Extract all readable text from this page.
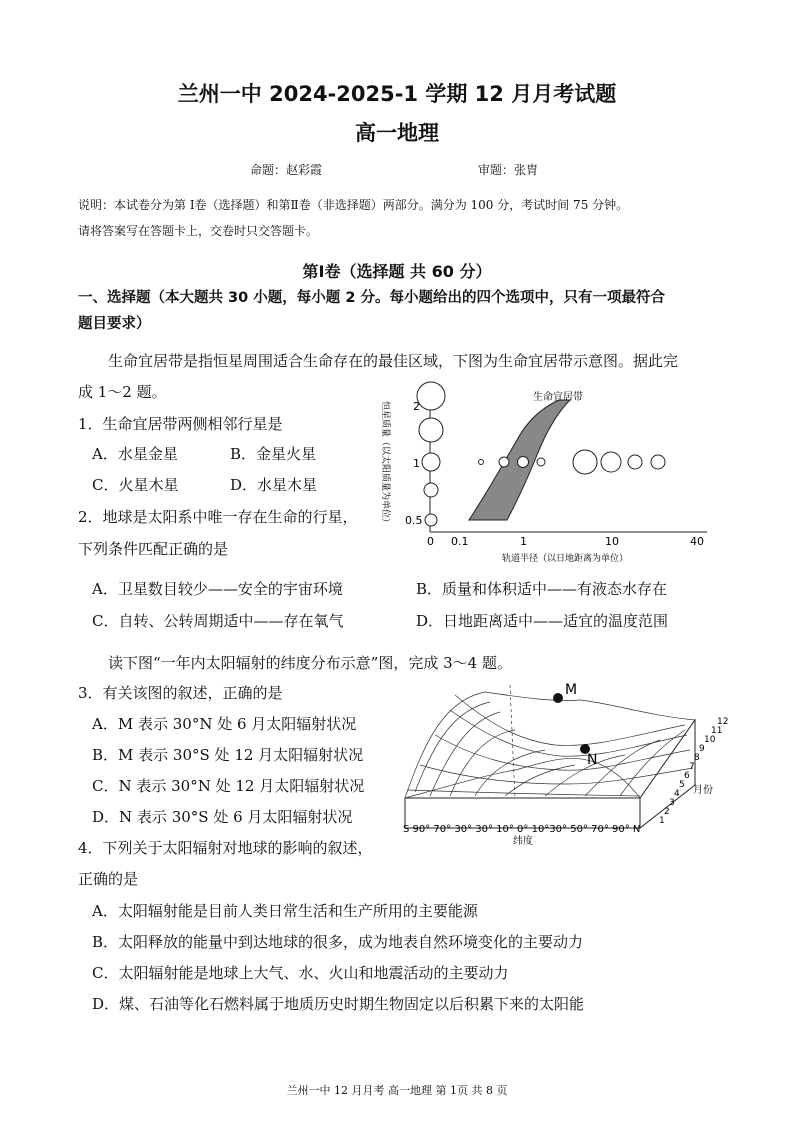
兰州一中 2024-2025-1 学期 12 月月考试题
高一地理
命题：赵彩霞	审题：张胄
说明：本试卷分为第 Ⅰ卷（选择题）和第Ⅱ卷（非选择题）两部分。满分为 100 分，考试时间 75 分钟。
请将答案写在答题卡上，交卷时只交答题卡。
第Ⅰ卷（选择题 共 60 分）
一、选择题（本大题共 30 小题，每小题 2 分。每小题给出的四个选项中，只有一项最符合
题目要求）
生命宜居带是指恒星周围适合生命存在的最佳区域，下图为生命宜居带示意图。据此完
成 1～2 题。
1．生命宜居带两侧相邻行星是
A．水星金星	B．金星火星
C．火星木星	D．水星木星
2．地球是太阳系中唯一存在生命的行星，
下列条件匹配正确的是
A．卫星数目较少——安全的宇宙环境	B．质量和体积适中——有液态水存在
C．自转、公转周期适中——存在氧气	D．日地距离适中——适宜的温度范围
生命宜居带
2
1
0.5
恒星质量（以太阳质量为单位）
0 0.1	1	10	40
轨道半径（以日地距离为单位）
读下图“一年内太阳辐射的纬度分布示意”图，完成 3～4 题。
3．有关该图的叙述，正确的是
A．M 表示 30°N 处 6 月太阳辐射状况
B．M 表示 30°S 处 12 月太阳辐射状况
C．N 表示 30°N 处 12 月太阳辐射状况
D．N 表示 30°S 处 6 月太阳辐射状况
M
N
1
2
3
4
5
6
7
8
9
10
11
12
月份
S 90° 70° 30° 30° 10° 0° 10°30° 50° 70° 90° N
纬度
4．下列关于太阳辐射对地球的影响的叙述，
正确的是
A．太阳辐射能是目前人类日常生活和生产所用的主要能源
B．太阳释放的能量中到达地球的很多，成为地表自然环境变化的主要动力
C．太阳辐射能是地球上大气、水、火山和地震活动的主要动力
D．煤、石油等化石燃料属于地质历史时期生物固定以后积累下来的太阳能
兰州一中 12 月月考 高一地理 第 1页 共 8 页
